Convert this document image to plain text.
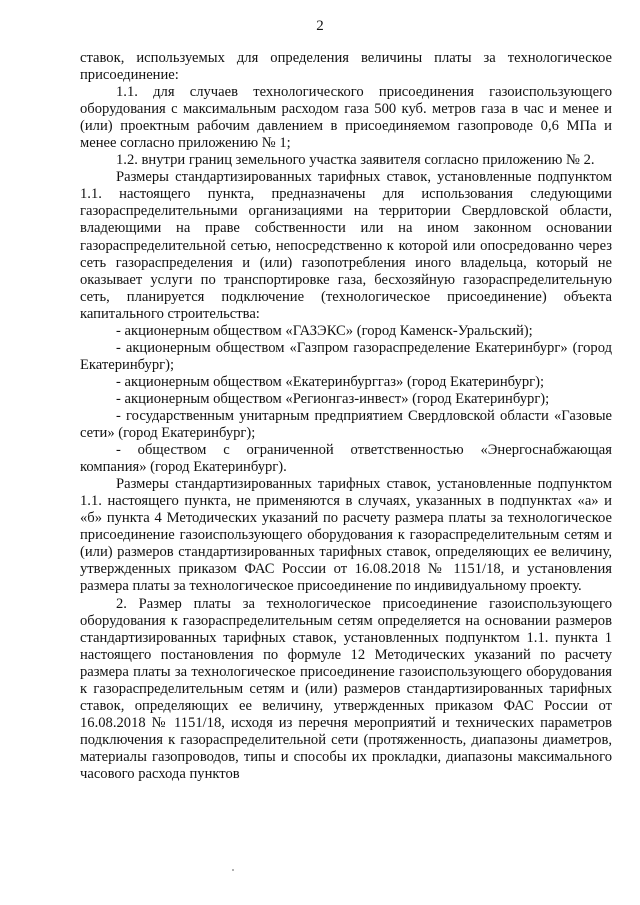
2

ставок, используемых для определения величины платы за технологическое присоединение:

1.1. для случаев технологического присоединения газоиспользующего оборудования с максимальным расходом газа 500 куб. метров газа в час и менее и (или) проектным рабочим давлением в присоединяемом газопроводе 0,6 МПа и менее согласно приложению № 1;

1.2. внутри границ земельного участка заявителя согласно приложению № 2.

Размеры стандартизированных тарифных ставок, установленные подпунктом 1.1. настоящего пункта, предназначены для использования следующими газораспределительными организациями на территории Свердловской области, владеющими на праве собственности или на ином законном основании газораспределительной сетью, непосредственно к которой или опосредованно через сеть газораспределения и (или) газопотребления иного владельца, который не оказывает услуги по транспортировке газа, бесхозяйную газораспределительную сеть, планируется подключение (технологическое присоединение) объекта капитального строительства:

- акционерным обществом «ГАЗЭКС» (город Каменск-Уральский);

- акционерным обществом «Газпром газораспределение Екатеринбург» (город Екатеринбург);

- акционерным обществом «Екатеринбурггаз» (город Екатеринбург);

- акционерным обществом «Регионгаз-инвест» (город Екатеринбург);

- государственным унитарным предприятием Свердловской области «Газовые сети» (город Екатеринбург);

- обществом с ограниченной ответственностью «Энергоснабжающая компания» (город Екатеринбург).

Размеры стандартизированных тарифных ставок, установленные подпунктом 1.1. настоящего пункта, не применяются в случаях, указанных в подпунктах «а» и «б» пункта 4 Методических указаний по расчету размера платы за технологическое присоединение газоиспользующего оборудования к газораспределительным сетям и (или) размеров стандартизированных тарифных ставок, определяющих ее величину, утвержденных приказом ФАС России от 16.08.2018 № 1151/18, и установления размера платы за технологическое присоединение по индивидуальному проекту.

2. Размер платы за технологическое присоединение газоиспользующего оборудования к газораспределительным сетям определяется на основании размеров стандартизированных тарифных ставок, установленных подпунктом 1.1. пункта 1 настоящего постановления по формуле 12 Методических указаний по расчету размера платы за технологическое присоединение газоиспользующего оборудования к газораспределительным сетям и (или) размеров стандартизированных тарифных ставок, определяющих ее величину, утвержденных приказом ФАС России от 16.08.2018 № 1151/18, исходя из перечня мероприятий и технических параметров подключения к газораспределительной сети (протяженность, диапазоны диаметров, материалы газопроводов, типы и способы их прокладки, диапазоны максимального часового расхода пунктов
